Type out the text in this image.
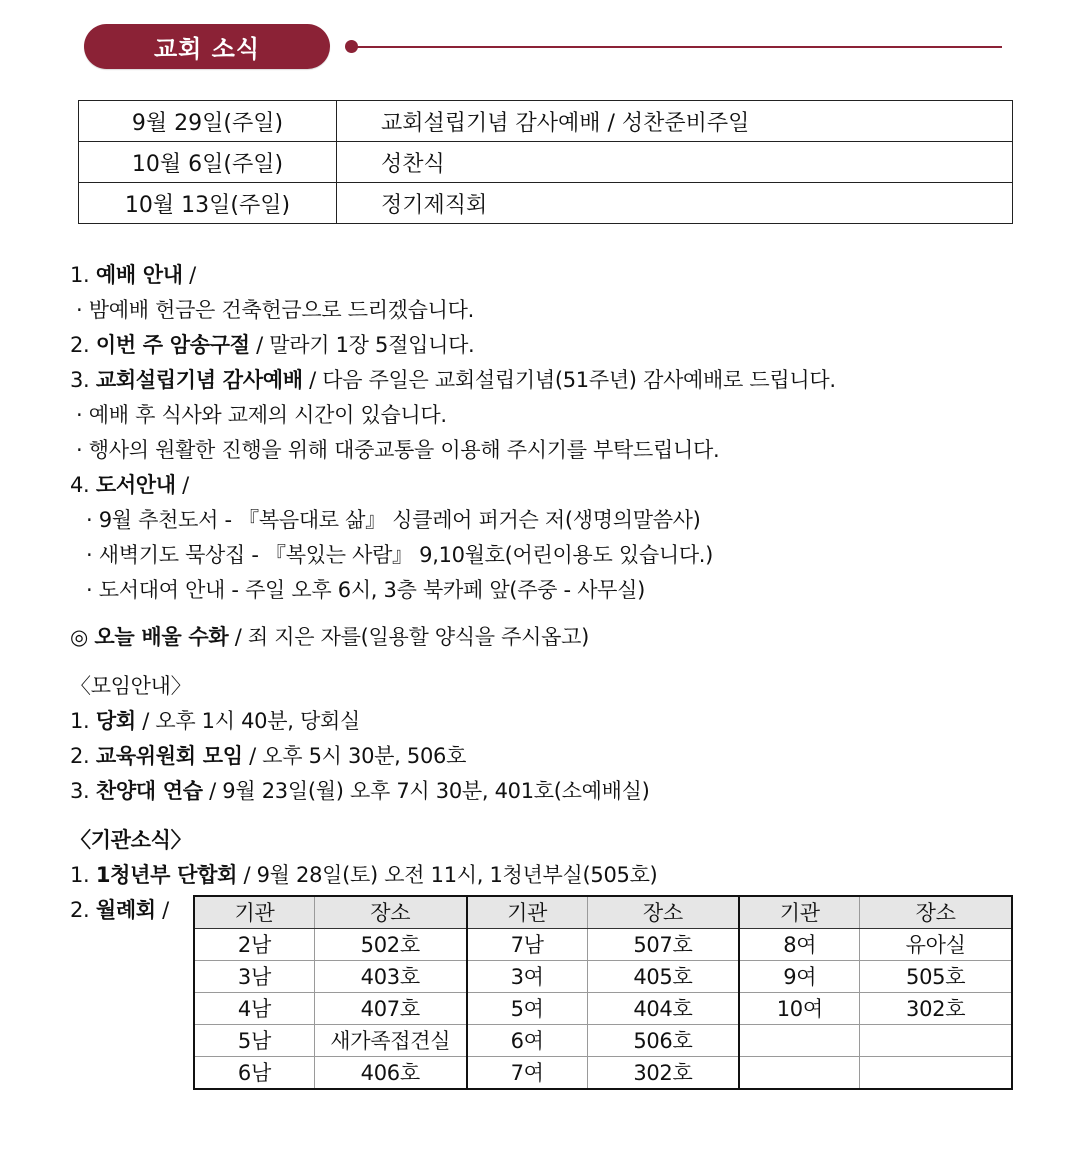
교회 소식
9월 29일(주일)	교회설립기념 감사예배 / 성찬준비주일
10월 6일(주일)	성찬식
10월 13일(주일)	정기제직회
1. 예배 안내 /
· 밤예배 헌금은 건축헌금으로 드리겠습니다.
2. 이번 주 암송구절 / 말라기 1장 5절입니다.
3. 교회설립기념 감사예배 / 다음 주일은 교회설립기념(51주년) 감사예배로 드립니다.
· 예배 후 식사와 교제의 시간이 있습니다.
· 행사의 원활한 진행을 위해 대중교통을 이용해 주시기를 부탁드립니다.
4. 도서안내 /
· 9월 추천도서 - 『복음대로 삶』 싱클레어 퍼거슨 저(생명의말씀사)
· 새벽기도 묵상집 - 『복있는 사람』 9,10월호(어린이용도 있습니다.)
· 도서대여 안내 - 주일 오후 6시, 3층 북카페 앞(주중 - 사무실)
◎ 오늘 배울 수화 / 죄 지은 자를(일용할 양식을 주시옵고)
〈모임안내〉
1. 당회 / 오후 1시 40분, 당회실
2. 교육위원회 모임 / 오후 5시 30분, 506호
3. 찬양대 연습 / 9월 23일(월) 오후 7시 30분, 401호(소예배실)
〈기관소식〉
1. 1청년부 단합회 / 9월 28일(토) 오전 11시, 1청년부실(505호)
2. 월례회 /	기관	장소	기관	장소	기관	장소
2남	502호	7남	507호	8여	유아실
3남	403호	3여	405호	9여	505호
4남	407호	5여	404호	10여	302호
5남	새가족접견실	6여	506호		
6남	406호	7여	302호		
